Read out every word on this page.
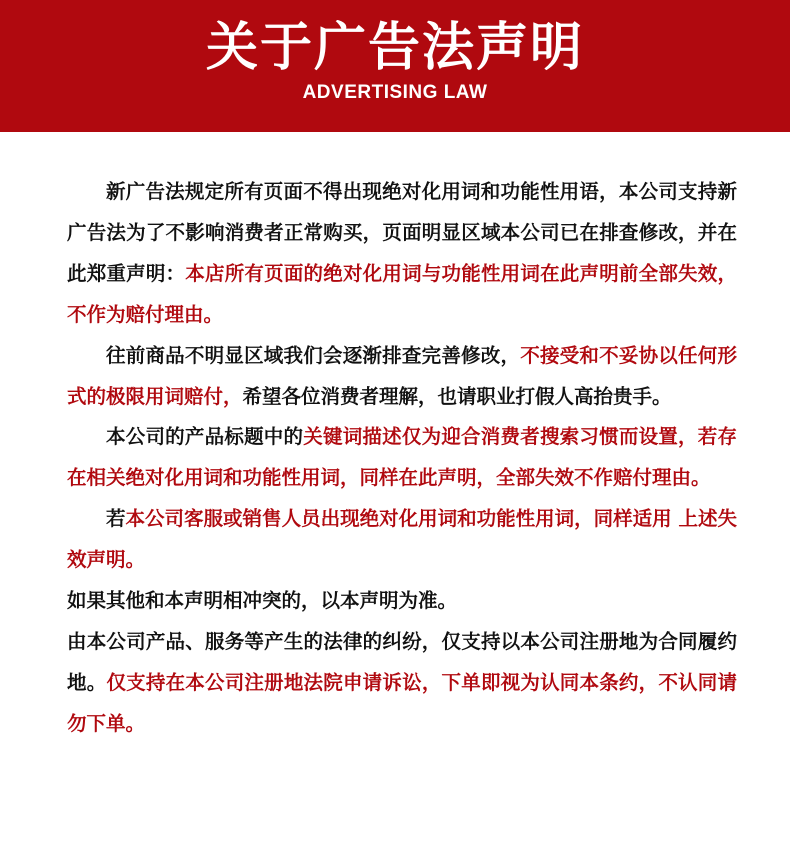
关于广告法声明
ADVERTISING LAW

新广告法规定所有页面不得出现绝对化用词和功能性用语，本公司支持新广告法为了不影响消费者正常购买，页面明显区域本公司已在排查修改，并在此郑重声明：本店所有页面的绝对化用词与功能性用词在此声明前全部失效，不作为赔付理由。

往前商品不明显区域我们会逐渐排查完善修改，不接受和不妥协以任何形式的极限用词赔付，希望各位消费者理解，也请职业打假人高抬贵手。

本公司的产品标题中的关键词描述仅为迎合消费者搜索习惯而设置，若存在相关绝对化用词和功能性用词，同样在此声明，全部失效不作赔付理由。

若本公司客服或销售人员出现绝对化用词和功能性用词，同样适用 上述失效声明。

如果其他和本声明相冲突的，以本声明为准。

由本公司产品、服务等产生的法律的纠纷，仅支持以本公司注册地为合同履约地。仅支持在本公司注册地法院申请诉讼，下单即视为认同本条约，不认同请勿下单。
